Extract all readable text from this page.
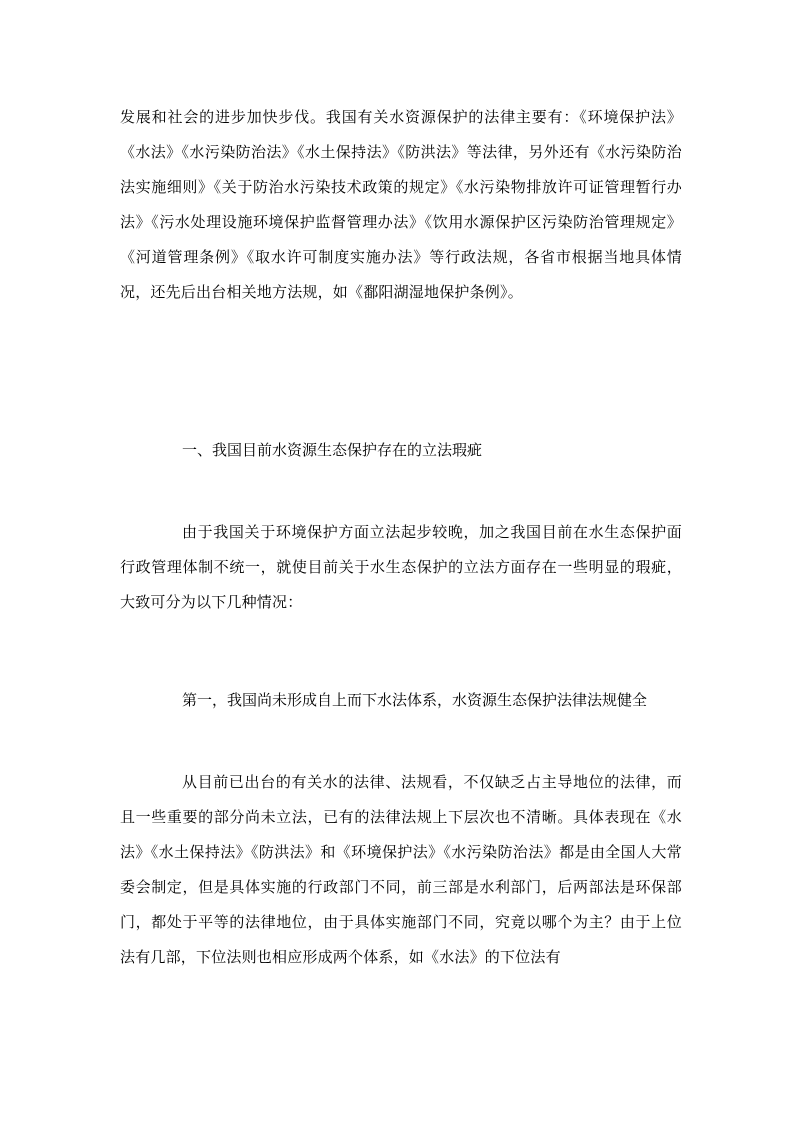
发展和社会的进步加快步伐。我国有关水资源保护的法律主要有：《环境保护法》《水法》《水污染防治法》《水土保持法》《防洪法》等法律，另外还有《水污染防治法实施细则》《关于防治水污染技术政策的规定》《水污染物排放许可证管理暂行办法》《污水处理设施环境保护监督管理办法》《饮用水源保护区污染防治管理规定》《河道管理条例》《取水许可制度实施办法》等行政法规，各省市根据当地具体情况，还先后出台相关地方法规，如《鄱阳湖湿地保护条例》。

一、我国目前水资源生态保护存在的立法瑕疵

由于我国关于环境保护方面立法起步较晚，加之我国目前在水生态保护面行政管理体制不统一，就使目前关于水生态保护的立法方面存在一些明显的瑕疵，大致可分为以下几种情况：

第一，我国尚未形成自上而下水法体系，水资源生态保护法律法规健全

从目前已出台的有关水的法律、法规看，不仅缺乏占主导地位的法律，而且一些重要的部分尚未立法，已有的法律法规上下层次也不清晰。具体表现在《水法》《水土保持法》《防洪法》和《环境保护法》《水污染防治法》都是由全国人大常委会制定，但是具体实施的行政部门不同，前三部是水利部门，后两部法是环保部门，都处于平等的法律地位，由于具体实施部门不同，究竟以哪个为主？由于上位法有几部，下位法则也相应形成两个体系，如《水法》的下位法有
